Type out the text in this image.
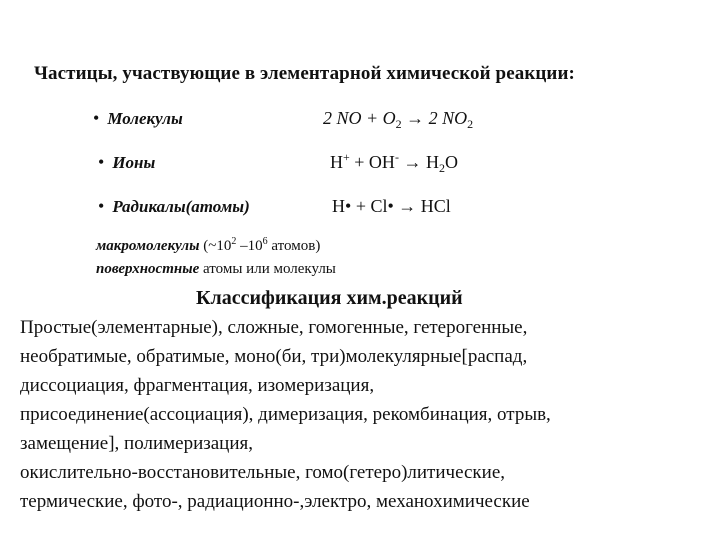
Частицы, участвующие в элементарной химической реакции:
• Молекулы	2 NO + $O_2 \to 2$ $NO_2$
• Ионы	$H^+ + OH^- \to H_2O$
• Радикалы(атомы)	H• + Cl• → HCl
макромолекулы ($\sim 10^2$ $-10^6$ атомов)
поверхностные атомы или молекулы
Классификация хим.реакций
Простые(элементарные), сложные, гомогенные, гетерогенные,
необратимые, обратимые, моно(би, три)молекулярные[распад,
диссоциация, фрагментация, изомеризация,
присоединение(ассоциация), димеризация, рекомбинация, отрыв,
замещение], полимеризация,
окислительно-восстановительные, гомо(гетеро)литические,
термические, фото-, радиационно-,электро, механохимические
